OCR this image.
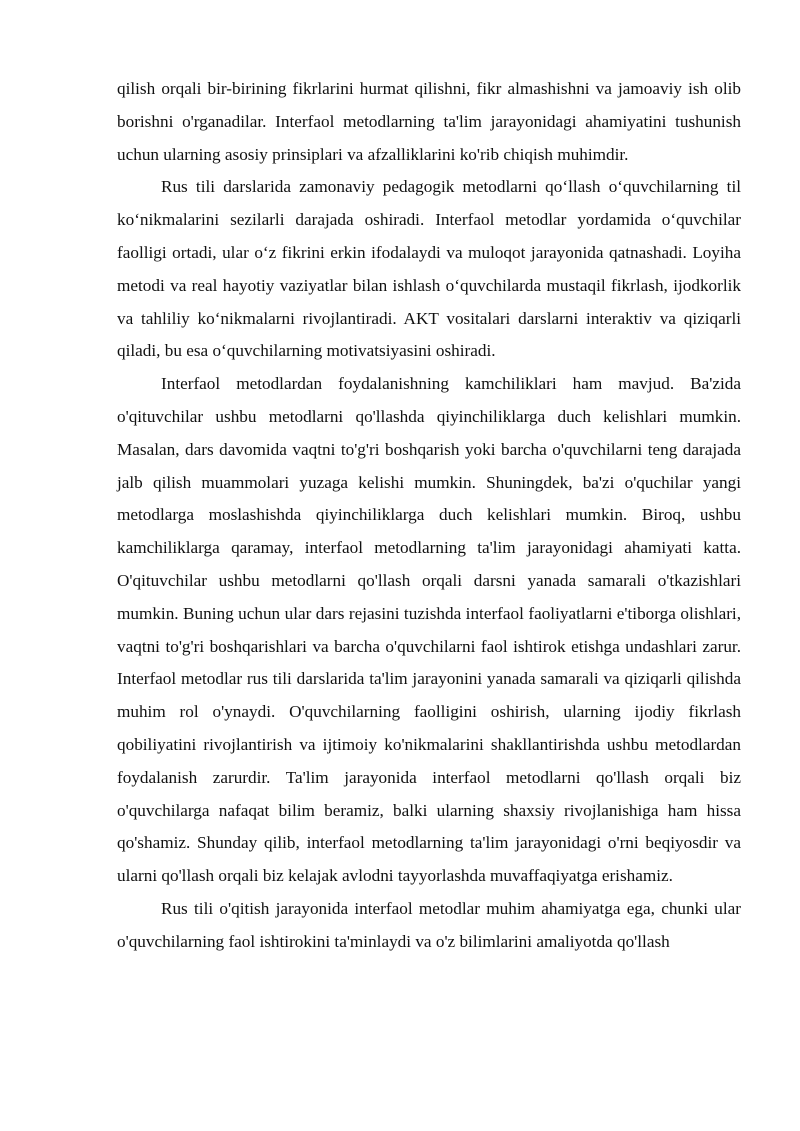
qilish orqali bir-birining fikrlarini hurmat qilishni, fikr almashishni va jamoaviy ish olib borishni o'rganadilar. Interfaol metodlarning ta'lim jarayonidagi ahamiyatini tushunish uchun ularning asosiy prinsiplari va afzalliklarini ko'rib chiqish muhimdir.

Rus tili darslarida zamonaviy pedagogik metodlarni qo‘llash o‘quvchilarning til ko‘nikmalarini sezilarli darajada oshiradi. Interfaol metodlar yordamida o‘quvchilar faolligi ortadi, ular o‘z fikrini erkin ifodalaydi va muloqot jarayonida qatnashadi. Loyiha metodi va real hayotiy vaziyatlar bilan ishlash o‘quvchilarda mustaqil fikrlash, ijodkorlik va tahliliy ko‘nikmalarni rivojlantiradi. AKT vositalari darslarni interaktiv va qiziqarli qiladi, bu esa o‘quvchilarning motivatsiyasini oshiradi.

Interfaol metodlardan foydalanishning kamchiliklari ham mavjud. Ba'zida o'qituvchilar ushbu metodlarni qo'llashda qiyinchiliklarga duch kelishlari mumkin. Masalan, dars davomida vaqtni to'g'ri boshqarish yoki barcha o'quvchilarni teng darajada jalb qilish muammolari yuzaga kelishi mumkin. Shuningdek, ba'zi o'quchilar yangi metodlarga moslashishda qiyinchiliklarga duch kelishlari mumkin. Biroq, ushbu kamchiliklarga qaramay, interfaol metodlarning ta'lim jarayonidagi ahamiyati katta. O'qituvchilar ushbu metodlarni qo'llash orqali darsni yanada samarali o'tkazishlari mumkin. Buning uchun ular dars rejasini tuzishda interfaol faoliyatlarni e'tiborga olishlari, vaqtni to'g'ri boshqarishlari va barcha o'quvchilarni faol ishtirok etishga undashlari zarur. Interfaol metodlar rus tili darslarida ta'lim jarayonini yanada samarali va qiziqarli qilishda muhim rol o'ynaydi. O'quvchilarning faolligini oshirish, ularning ijodiy fikrlash qobiliyatini rivojlantirish va ijtimoiy ko'nikmalarini shakllantirishda ushbu metodlardan foydalanish zarurdir. Ta'lim jarayonida interfaol metodlarni qo'llash orqali biz o'quvchilarga nafaqat bilim beramiz, balki ularning shaxsiy rivojlanishiga ham hissa qo'shamiz. Shunday qilib, interfaol metodlarning ta'lim jarayonidagi o'rni beqiyosdir va ularni qo'llash orqali biz kelajak avlodni tayyorlashda muvaffaqiyatga erishamiz.

Rus tili o'qitish jarayonida interfaol metodlar muhim ahamiyatga ega, chunki ular o'quvchilarning faol ishtirokini ta'minlaydi va o'z bilimlarini amaliyotda qo'llash
